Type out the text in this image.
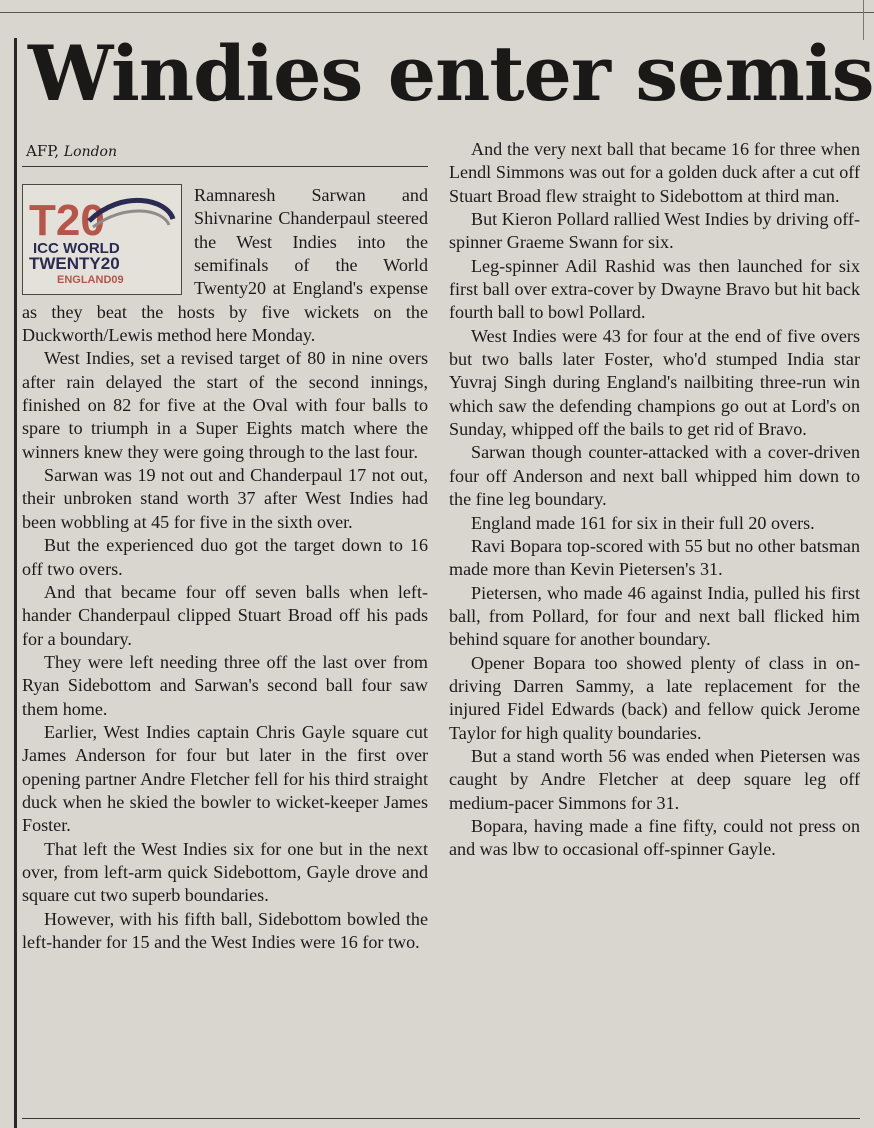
Windies enter semis
AFP, London
T20
ICC WORLD
TWENTY20
ENGLAND09

Ramnaresh Sarwan and Shivnarine Chanderpaul steered the West Indies into the semifinals of the World Twenty20 at England's expense as they beat the hosts by five wickets on the Duckworth/Lewis method here Monday.

West Indies, set a revised target of 80 in nine overs after rain delayed the start of the second innings, finished on 82 for five at the Oval with four balls to spare to triumph in a Super Eights match where the winners knew they were going through to the last four.

Sarwan was 19 not out and Chanderpaul 17 not out, their unbroken stand worth 37 after West Indies had been wobbling at 45 for five in the sixth over.

But the experienced duo got the target down to 16 off two overs.

And that became four off seven balls when left-hander Chanderpaul clipped Stuart Broad off his pads for a boundary.

They were left needing three off the last over from Ryan Sidebottom and Sarwan's second ball four saw them home.

Earlier, West Indies captain Chris Gayle square cut James Anderson for four but later in the first over opening partner Andre Fletcher fell for his third straight duck when he skied the bowler to wicket-keeper James Foster.

That left the West Indies six for one but in the next over, from left-arm quick Sidebottom, Gayle drove and square cut two superb boundaries.

However, with his fifth ball, Sidebottom bowled the left-hander for 15 and the West Indies were 16 for two.

And the very next ball that became 16 for three when Lendl Simmons was out for a golden duck after a cut off Stuart Broad flew straight to Sidebottom at third man.

But Kieron Pollard rallied West Indies by driving off-spinner Graeme Swann for six.

Leg-spinner Adil Rashid was then launched for six first ball over extra-cover by Dwayne Bravo but hit back fourth ball to bowl Pollard.

West Indies were 43 for four at the end of five overs but two balls later Foster, who'd stumped India star Yuvraj Singh during England's nailbiting three-run win which saw the defending champions go out at Lord's on Sunday, whipped off the bails to get rid of Bravo.

Sarwan though counter-attacked with a cover-driven four off Anderson and next ball whipped him down to the fine leg boundary.

England made 161 for six in their full 20 overs.

Ravi Bopara top-scored with 55 but no other batsman made more than Kevin Pietersen's 31.

Pietersen, who made 46 against India, pulled his first ball, from Pollard, for four and next ball flicked him behind square for another boundary.

Opener Bopara too showed plenty of class in on-driving Darren Sammy, a late replacement for the injured Fidel Edwards (back) and fellow quick Jerome Taylor for high quality boundaries.

But a stand worth 56 was ended when Pietersen was caught by Andre Fletcher at deep square leg off medium-pacer Simmons for 31.

Bopara, having made a fine fifty, could not press on and was lbw to occasional off-spinner Gayle.
